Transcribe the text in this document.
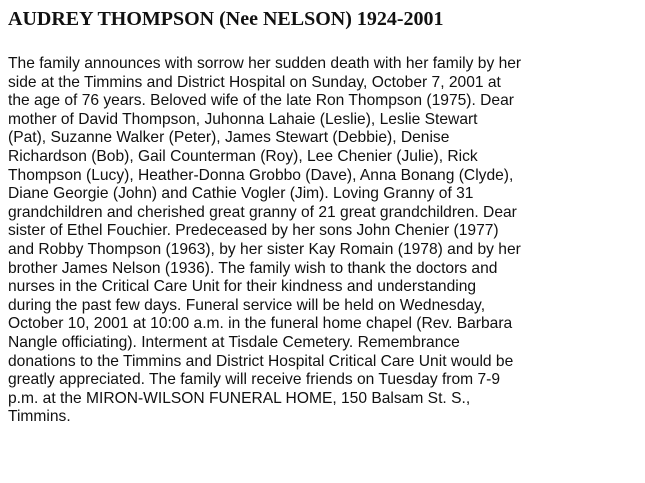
AUDREY THOMPSON (Nee NELSON) 1924-2001
The family announces with sorrow her sudden death with her family by her
side at the Timmins and District Hospital on Sunday, October 7, 2001 at
the age of 76 years. Beloved wife of the late Ron Thompson (1975). Dear
mother of David Thompson, Juhonna Lahaie (Leslie), Leslie Stewart
(Pat), Suzanne Walker (Peter), James Stewart (Debbie), Denise
Richardson (Bob), Gail Counterman (Roy), Lee Chenier (Julie), Rick
Thompson (Lucy), Heather-Donna Grobbo (Dave), Anna Bonang (Clyde),
Diane Georgie (John) and Cathie Vogler (Jim). Loving Granny of 31
grandchildren and cherished great granny of 21 great grandchildren. Dear
sister of Ethel Fouchier. Predeceased by her sons John Chenier (1977)
and Robby Thompson (1963), by her sister Kay Romain (1978) and by her
brother James Nelson (1936). The family wish to thank the doctors and
nurses in the Critical Care Unit for their kindness and understanding
during the past few days. Funeral service will be held on Wednesday,
October 10, 2001 at 10:00 a.m. in the funeral home chapel (Rev. Barbara
Nangle officiating). Interment at Tisdale Cemetery. Remembrance
donations to the Timmins and District Hospital Critical Care Unit would be
greatly appreciated. The family will receive friends on Tuesday from 7-9
p.m. at the MIRON-WILSON FUNERAL HOME, 150 Balsam St. S.,
Timmins.
